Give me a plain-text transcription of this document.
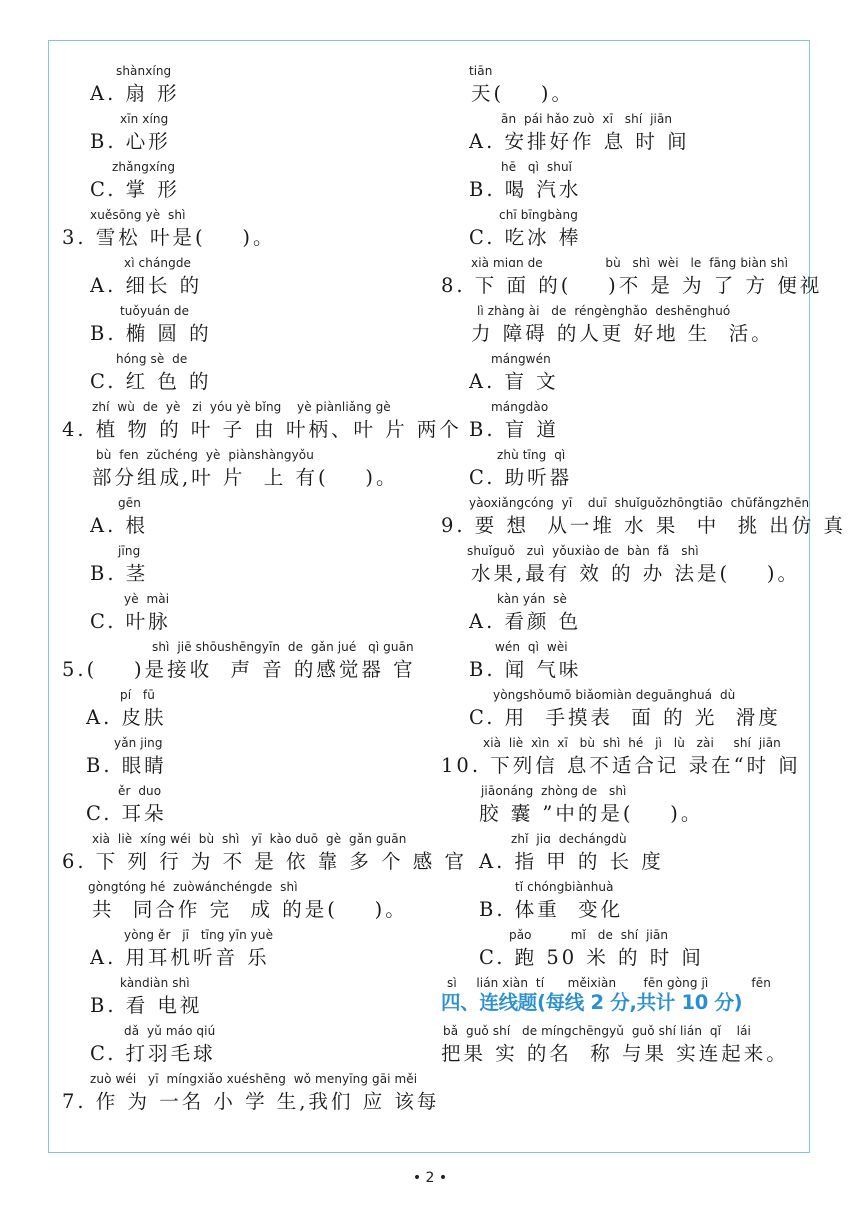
shànxíng
A. 扇 形
xīn xíng
B. 心形
zhǎngxíng
C. 掌 形
xuěsōng yè  shì
3. 雪松 叶是(    )。
xì chángde
A. 细长 的
tuǒyuán de
B. 椭 圆 的
hóng sè  de
C. 红 色 的
zhí  wù  de  yè   zi  yóu yè bǐng    yè piànliǎng gè
4. 植 物 的 叶 子 由 叶柄、叶 片 两个
bù  fen  zǔchéng  yè  piànshàngyǒu
部分组成,叶 片  上 有(    )。
gēn
A. 根
jīng
B. 茎
yè  mài
C. 叶脉
shì  jiē shōushēngyīn  de  gǎn jué   qì guān
5.(    )是接收  声 音 的感觉器 官
pí   fū
A. 皮肤
yǎn jing
B. 眼睛
ěr  duo
C. 耳朵
xià  liè  xíng wéi  bù  shì   yī  kào duō  gè  gǎn guān
6. 下 列 行 为 不 是 依 靠 多 个 感 官
gòngtóng hé  zuòwánchéngde  shì
共  同合作 完  成 的是(    )。
yòng ěr   jī   tīng yīn yuè
A. 用耳机听音 乐
kàndiàn shì
B. 看 电视
dǎ  yǔ máo qiú
C. 打羽毛球
zuò wéi   yī  míngxiǎo xuéshēng  wǒ menyīng gāi měi
7. 作 为 一名 小 学 生,我们 应 该每
tiān
天(    )。
ān  pái hǎo zuò  xī   shí  jiān
A. 安排好作 息 时 间
hē   qì  shuǐ
B. 喝 汽水
chī bīngbàng
C. 吃冰 棒
xià miɑn de                bù   shì  wèi   le  fāng biàn shì
8. 下 面 的(    )不 是 为 了 方 便视
lì zhàng ài   de  réngènghǎo  deshēnghuó
力 障碍 的人更 好地 生  活。
mángwén
A. 盲 文
mángdào
B. 盲 道
zhù tīng  qì
C. 助听器
yàoxiǎngcóng  yī    duī  shuǐguǒzhōngtiāo  chūfǎngzhēn
9. 要 想  从一堆 水 果  中  挑 出仿 真
shuǐguǒ   zuì  yǒuxiào de  bàn  fǎ   shì
水果,最有 效 的 办 法是(    )。
kàn yán  sè
A. 看颜 色
wén  qì  wèi
B. 闻 气味
yòngshǒumō biǎomiàn deguānghuá  dù
C. 用  手摸表  面 的 光  滑度
xià  liè  xìn  xī   bù  shì  hé   jì   lù   zài     shí  jiān
10. 下列信 息不适合记 录在“时 间
jiāonáng  zhòng de   shì
胶 囊 ”中的是(    )。
zhǐ  jiɑ  dechángdù
A. 指 甲 的 长 度
tǐ chóngbiànhuà
B. 体重  变化
pǎo          mǐ   de  shí  jiān
C. 跑 50 米 的 时 间
sì     lián xiàn  tí      měixiàn       fēn gòng jì           fēn
四、连线题(每线 2 分,共计 10 分)
bǎ  guǒ shí   de míngchēngyǔ  guǒ shí lián  qǐ    lái
把果 实 的名  称 与果 实连起来。
• 2 •
